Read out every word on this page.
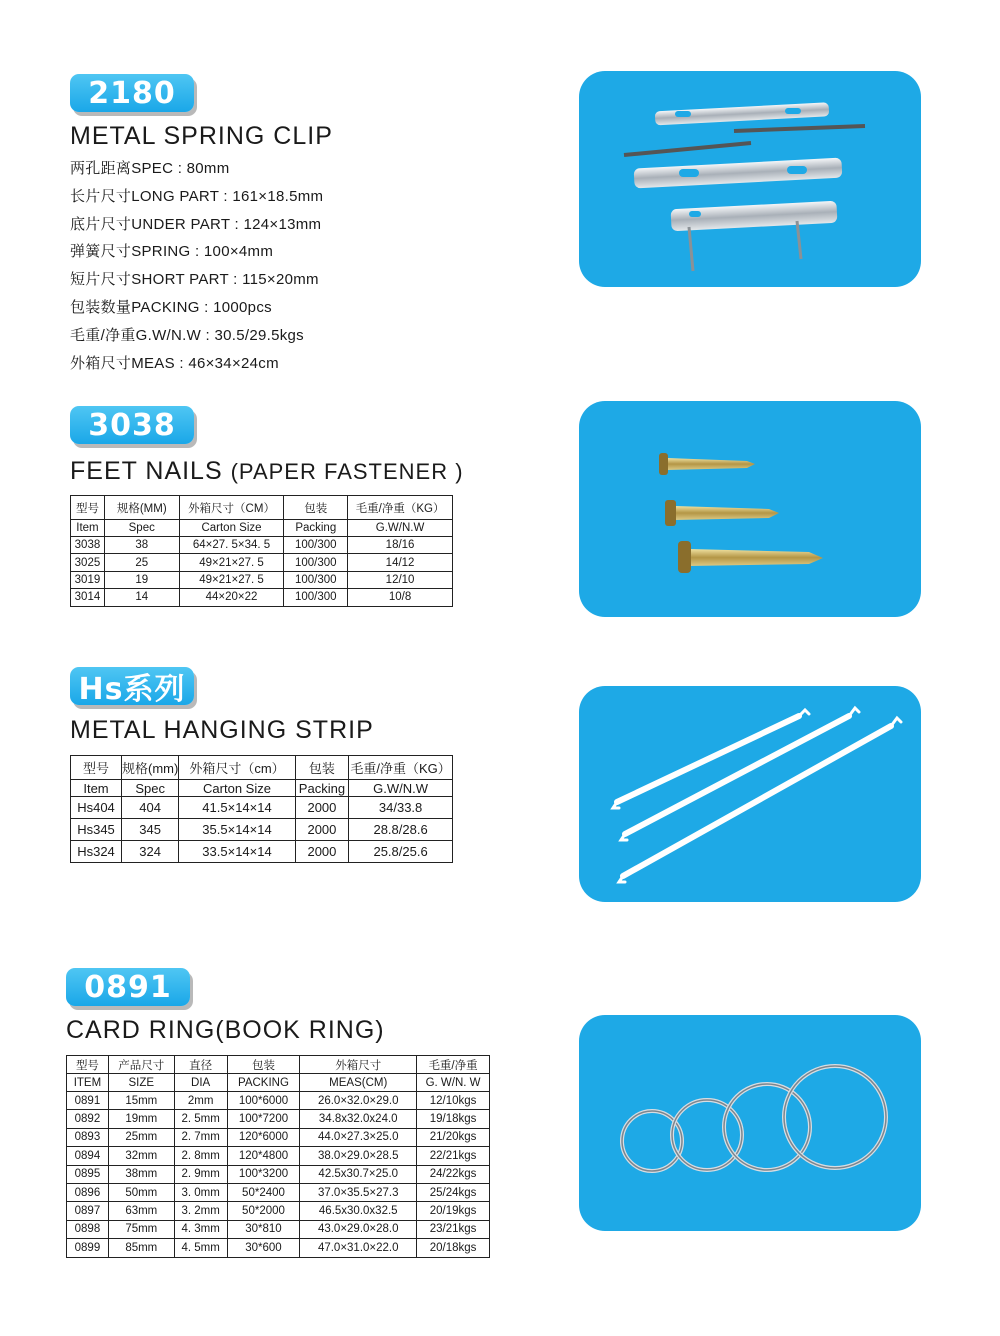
2180
METAL SPRING CLIP
两孔距离SPEC : 80mm
长片尺寸LONG PART : 161×18.5mm
底片尺寸UNDER PART : 124×13mm
弹簧尺寸SPRING : 100×4mm
短片尺寸SHORT PART : 115×20mm
包装数量PACKING : 1000pcs
毛重/净重G.W/N.W : 30.5/29.5kgs
外箱尺寸MEAS : 46×34×24cm
3038
FEET NAILS (PAPER FASTENER )
型号	规格(MM)	外箱尺寸（CM）	包装	毛重/净重（KG）
Item	Spec	Carton Size	Packing	G.W/N.W
3038	38	64×27. 5×34. 5	100/300	18/16
3025	25	49×21×27. 5	100/300	14/12
3019	19	49×21×27. 5	100/300	12/10
3014	14	44×20×22	100/300	10/8
Hs系列
METAL HANGING STRIP
型号	规格(mm)	外箱尺寸（cm）	包装	毛重/净重（KG）
Item	Spec	Carton Size	Packing	G.W/N.W
Hs404	404	41.5×14×14	2000	34/33.8
Hs345	345	35.5×14×14	2000	28.8/28.6
Hs324	324	33.5×14×14	2000	25.8/25.6
0891
CARD RING(BOOK RING)
型号	产品尺寸	直径	包装	外箱尺寸	毛重/净重
ITEM	SIZE	DIA	PACKING	MEAS(CM)	G. W/N. W
0891	15mm	2mm	100*6000	26.0×32.0×29.0	12/10kgs
0892	19mm	2. 5mm	100*7200	34.8x32.0x24.0	19/18kgs
0893	25mm	2. 7mm	120*6000	44.0×27.3×25.0	21/20kgs
0894	32mm	2. 8mm	120*4800	38.0×29.0×28.5	22/21kgs
0895	38mm	2. 9mm	100*3200	42.5x30.7×25.0	24/22kgs
0896	50mm	3. 0mm	50*2400	37.0×35.5×27.3	25/24kgs
0897	63mm	3. 2mm	50*2000	46.5x30.0x32.5	20/19kgs
0898	75mm	4. 3mm	30*810	43.0×29.0×28.0	23/21kgs
0899	85mm	4. 5mm	30*600	47.0×31.0×22.0	20/18kgs
